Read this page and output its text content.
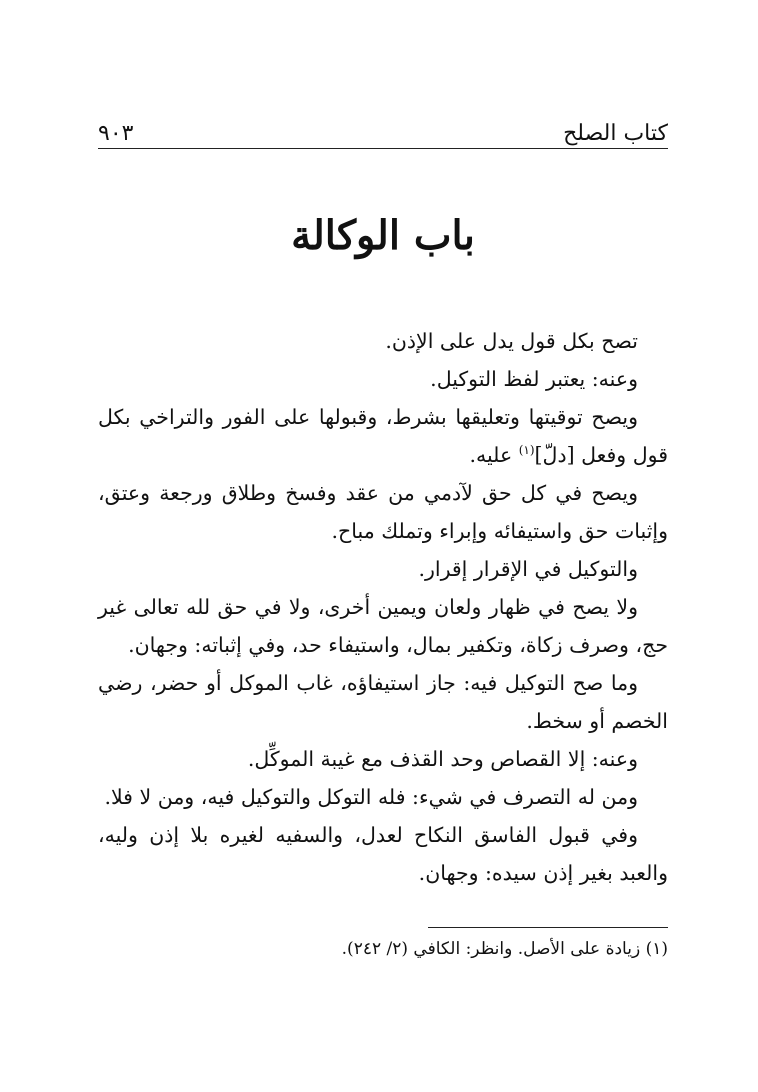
كتاب الصلح
٩٠٣
باب الوكالة

تصح بكل قول يدل على الإذن.

وعنه: يعتبر لفظ التوكيل.

ويصح توقيتها وتعليقها بشرط، وقبولها على الفور والتراخي بكل قول وفعل [دلّ]$^{(١)}$ عليه.

ويصح في كل حق لآدمي من عقد وفسخ وطلاق ورجعة وعتق، وإثبات حق واستيفائه وإبراء وتملك مباح.

والتوكيل في الإقرار إقرار.

ولا يصح في ظهار ولعان ويمين أخرى، ولا في حق لله تعالى غير حج، وصرف زكاة، وتكفير بمال، واستيفاء حد، وفي إثباته: وجهان.

وما صح التوكيل فيه: جاز استيفاؤه، غاب الموكل أو حضر، رضي الخصم أو سخط.

وعنه: إلا القصاص وحد القذف مع غيبة الموكِّل.

ومن له التصرف في شيء: فله التوكل والتوكيل فيه، ومن لا فلا.

وفي قبول الفاسق النكاح لعدل، والسفيه لغيره بلا إذن وليه، والعبد بغير إذن سيده: وجهان.

(١) زيادة على الأصل. وانظر: الكافي (٢/ ٢٤٢).
